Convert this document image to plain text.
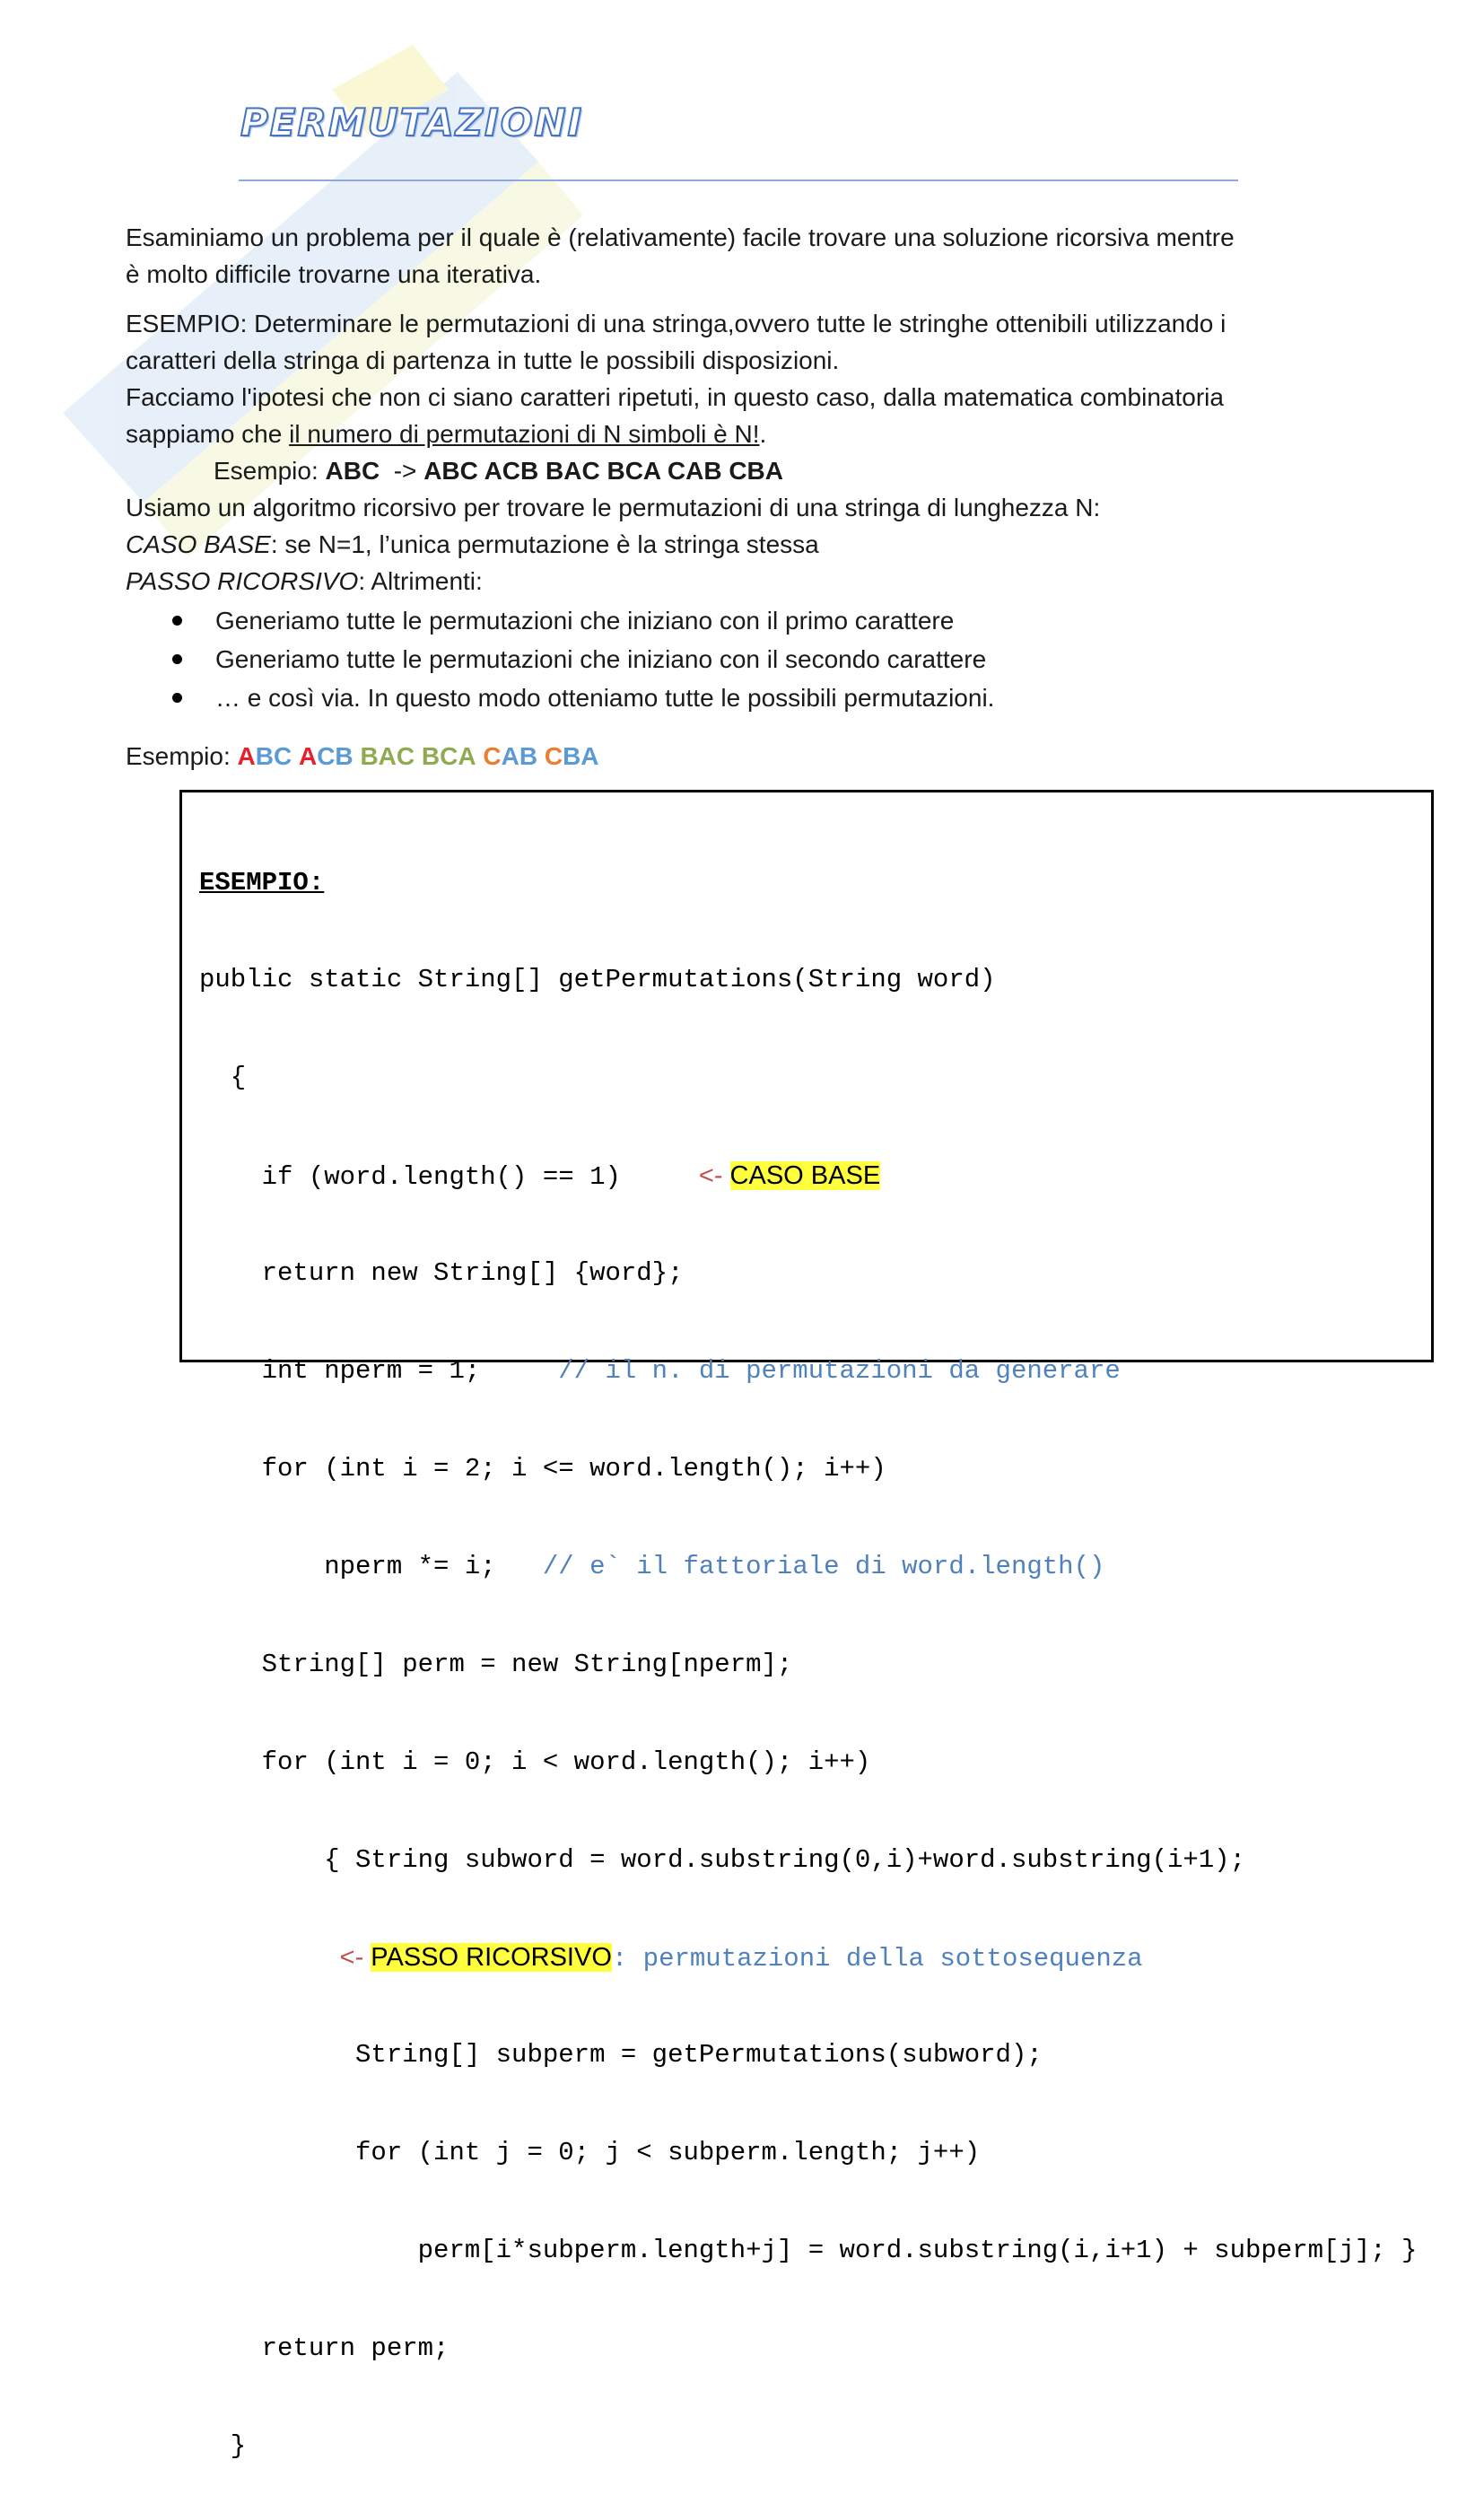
PERMUTAZIONI
Esaminiamo un problema per il quale è (relativamente) facile trovare una soluzione ricorsiva mentre
è molto difficile trovarne una iterativa.
ESEMPIO: Determinare le permutazioni di una stringa,ovvero tutte le stringhe ottenibili utilizzando i
caratteri della stringa di partenza in tutte le possibili disposizioni.
Facciamo l'ipotesi che non ci siano caratteri ripetuti, in questo caso, dalla matematica combinatoria
sappiamo che il numero di permutazioni di N simboli è N!.
Esempio: ABC  -> ABC ACB BAC BCA CAB CBA
Usiamo un algoritmo ricorsivo per trovare le permutazioni di una stringa di lunghezza N:
CASO BASE: se N=1, l’unica permutazione è la stringa stessa
PASSO RICORSIVO: Altrimenti:
Generiamo tutte le permutazioni che iniziano con il primo carattere
Generiamo tutte le permutazioni che iniziano con il secondo carattere
… e così via. In questo modo otteniamo tutte le possibili permutazioni.
Esempio: ABC ACB BAC BCA CAB CBA

ESEMPIO:

public static String[] getPermutations(String word)

{

if (word.length() == 1)     <- CASO BASE

return new String[] {word};

int nperm = 1;     // il n. di permutazioni da generare

for (int i = 2; i <= word.length(); i++)

nperm *= i;   // e` il fattoriale di word.length()

String[] perm = new String[nperm];

for (int i = 0; i < word.length(); i++)

{ String subword = word.substring(0,i)+word.substring(i+1);

<- PASSO RICORSIVO: permutazioni della sottosequenza

String[] subperm = getPermutations(subword);

for (int j = 0; j < subperm.length; j++)

perm[i*subperm.length+j] = word.substring(i,i+1) + subperm[j]; }

return perm;

}
